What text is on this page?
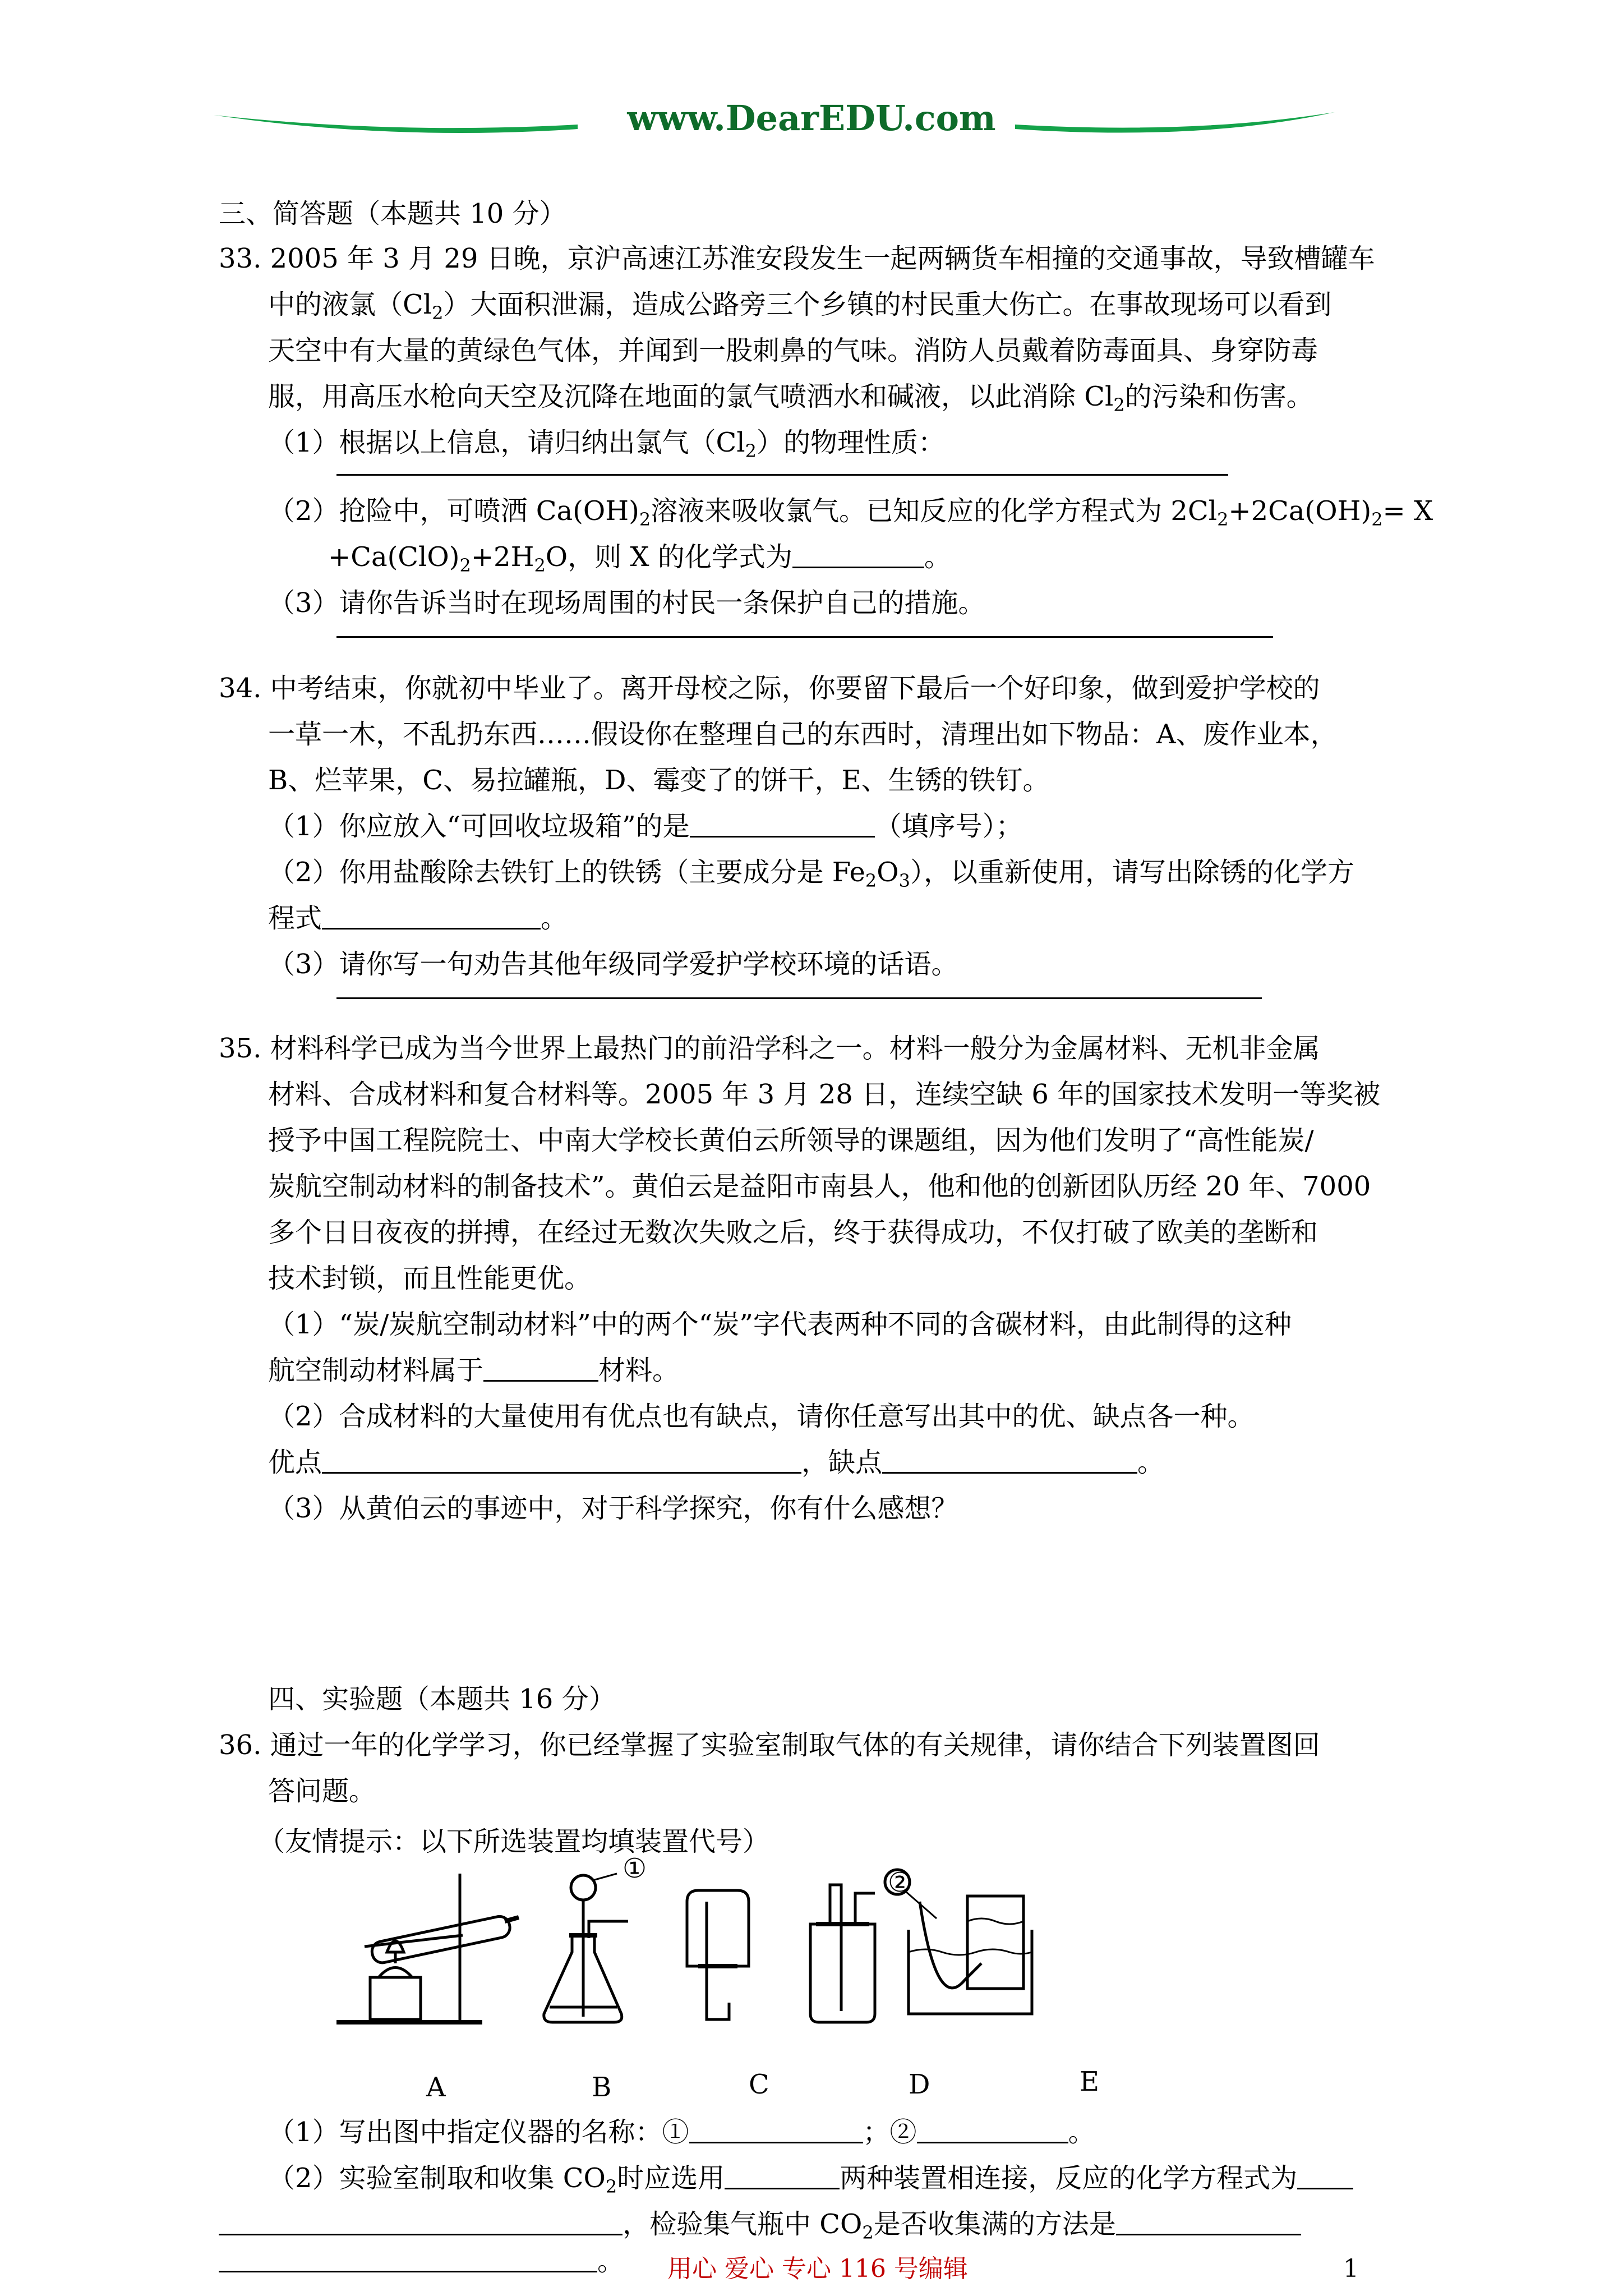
www.DearEDU.com
三、简答题（本题共 10 分）
33. 2005 年 3 月 29 日晚，京沪高速江苏淮安段发生一起两辆货车相撞的交通事故，导致槽罐车
中的液氯$(Cl_2)$大面积泄漏，造成公路旁三个乡镇的村民重大伤亡。在事故现场可以看到
天空中有大量的黄绿色气体，并闻到一股刺鼻的气味。消防人员戴着防毒面具、身穿防毒
服，用高压水枪向天空及沉降在地面的氯气喷洒水和碱液，以此消除 $Cl_2$的污染和伤害。
（1）根据以上信息，请归纳出氯气$(Cl_2)$的物理性质：
（2）抢险中，可喷洒 $Ca(OH)_2$溶液来吸收氯气。已知反应的化学方程式为 $2Cl_2+2Ca(OH)_2= X$
$+Ca(ClO)_2+2H_2O$，则 X 的化学式为	。
（3）请你告诉当时在现场周围的村民一条保护自己的措施。
34. 中考结束，你就初中毕业了。离开母校之际，你要留下最后一个好印象，做到爱护学校的
一草一木，不乱扔东西……假设你在整理自己的东西时，清理出如下物品：A、废作业本，
B、烂苹果，C、易拉罐瓶，D、霉变了的饼干，E、生锈的铁钉。
（1）你应放入“可回收垃圾箱”的是	（填序号）；
（2）你用盐酸除去铁钉上的铁锈（主要成分是 $Fe_2O_3$），以重新使用，请写出除锈的化学方
程式	。
（3）请你写一句劝告其他年级同学爱护学校环境的话语。
35. 材料科学已成为当今世界上最热门的前沿学科之一。材料一般分为金属材料、无机非金属
材料、合成材料和复合材料等。2005 年 3 月 28 日，连续空缺 6 年的国家技术发明一等奖被
授予中国工程院院士、中南大学校长黄伯云所领导的课题组，因为他们发明了“高性能炭/
炭航空制动材料的制备技术”。黄伯云是益阳市南县人，他和他的创新团队历经 20 年、7000
多个日日夜夜的拼搏，在经过无数次失败之后，终于获得成功，不仅打破了欧美的垄断和
技术封锁，而且性能更优。
（1）“炭/炭航空制动材料”中的两个“炭”字代表两种不同的含碳材料，由此制得的这种
航空制动材料属于	材料。
（2）合成材料的大量使用有优点也有缺点，请你任意写出其中的优、缺点各一种。
优点	，缺点	。
（3）从黄伯云的事迹中，对于科学探究，你有什么感想？
四、实验题（本题共 16 分）
36. 通过一年的化学学习，你已经掌握了实验室制取气体的有关规律，请你结合下列装置图回
答问题。
（友情提示：以下所选装置均填装置代号）
①	②
A	B	C	D	E
（1）写出图中指定仪器的名称：①	；②	。
（2）实验室制取和收集 $CO_2$时应选用	两种装置相连接，反应的化学方程式为
，检验集气瓶中 $CO_2$是否收集满的方法是
。 用心 爱心 专心 116 号编辑	1
